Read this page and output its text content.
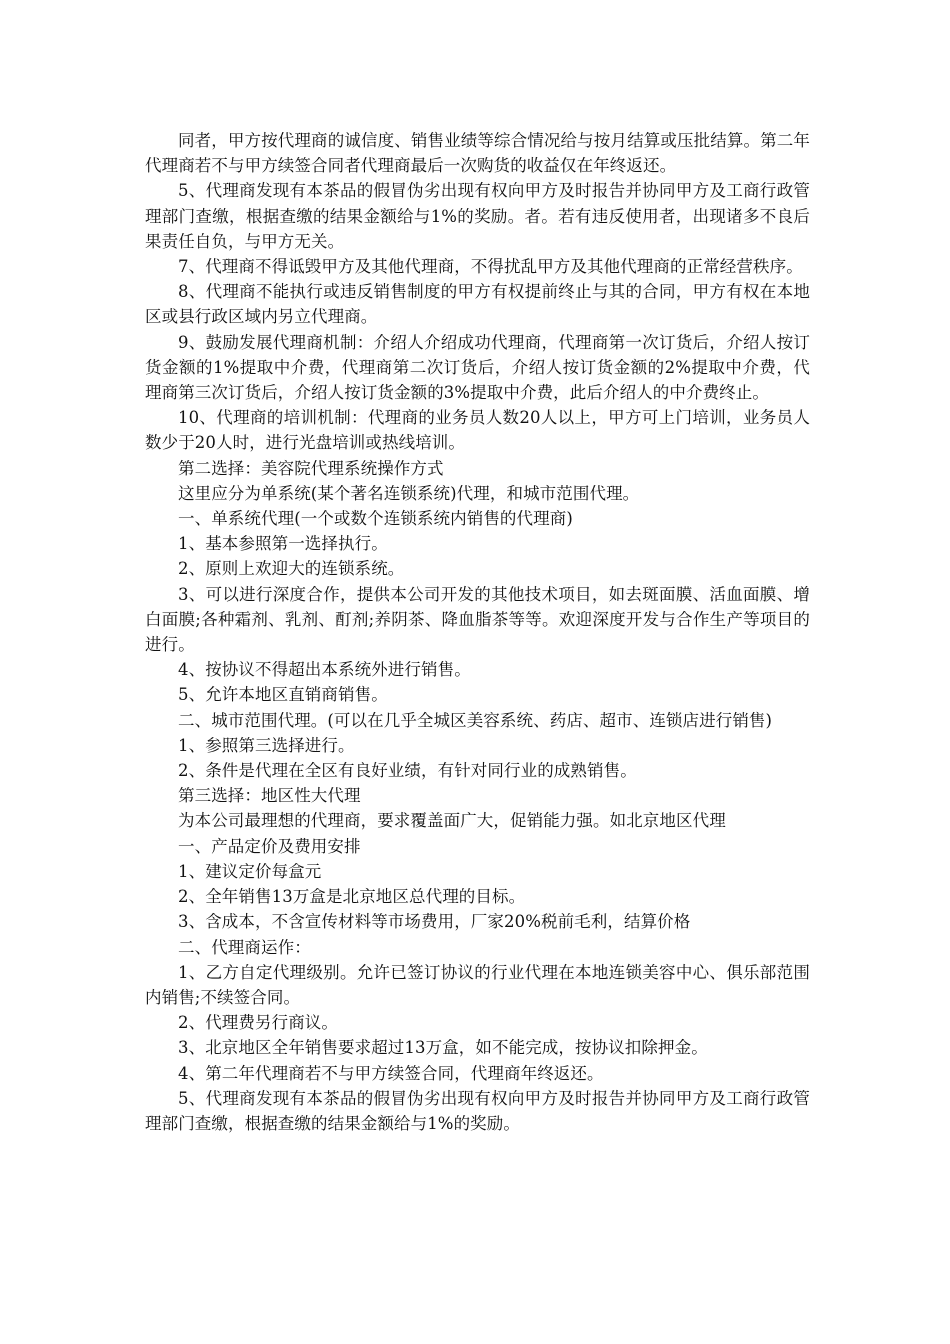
同者，甲方按代理商的诚信度、销售业绩等综合情况给与按月结算或压批结算。第二年代理商若不与甲方续签合同者代理商最后一次购货的收益仅在年终返还。

5、代理商发现有本茶品的假冒伪劣出现有权向甲方及时报告并协同甲方及工商行政管理部门查缴，根据查缴的结果金额给与1%的奖励。者。若有违反使用者，出现诸多不良后果责任自负，与甲方无关。

7、代理商不得诋毁甲方及其他代理商，不得扰乱甲方及其他代理商的正常经营秩序。

8、代理商不能执行或违反销售制度的甲方有权提前终止与其的合同，甲方有权在本地区或县行政区域内另立代理商。

9、鼓励发展代理商机制：介绍人介绍成功代理商，代理商第一次订货后，介绍人按订货金额的1%提取中介费，代理商第二次订货后，介绍人按订货金额的2%提取中介费，代理商第三次订货后，介绍人按订货金额的3%提取中介费，此后介绍人的中介费终止。

10、代理商的培训机制：代理商的业务员人数20人以上，甲方可上门培训，业务员人数少于20人时，进行光盘培训或热线培训。

第二选择：美容院代理系统操作方式

这里应分为单系统(某个著名连锁系统)代理，和城市范围代理。

一、单系统代理(一个或数个连锁系统内销售的代理商)

1、基本参照第一选择执行。

2、原则上欢迎大的连锁系统。

3、可以进行深度合作，提供本公司开发的其他技术项目，如去斑面膜、活血面膜、增白面膜;各种霜剂、乳剂、酊剂;养阴茶、降血脂茶等等。欢迎深度开发与合作生产等项目的进行。

4、按协议不得超出本系统外进行销售。

5、允许本地区直销商销售。

二、城市范围代理。(可以在几乎全城区美容系统、药店、超市、连锁店进行销售)

1、参照第三选择进行。

2、条件是代理在全区有良好业绩，有针对同行业的成熟销售。

第三选择：地区性大代理

为本公司最理想的代理商，要求覆盖面广大，促销能力强。如北京地区代理

一、产品定价及费用安排

1、建议定价每盒元

2、全年销售13万盒是北京地区总代理的目标。

3、含成本，不含宣传材料等市场费用，厂家20%税前毛利，结算价格

二、代理商运作：

1、乙方自定代理级别。允许已签订协议的行业代理在本地连锁美容中心、俱乐部范围内销售;不续签合同。

2、代理费另行商议。

3、北京地区全年销售要求超过13万盒，如不能完成，按协议扣除押金。

4、第二年代理商若不与甲方续签合同，代理商年终返还。

5、代理商发现有本茶品的假冒伪劣出现有权向甲方及时报告并协同甲方及工商行政管理部门查缴，根据查缴的结果金额给与1%的奖励。
